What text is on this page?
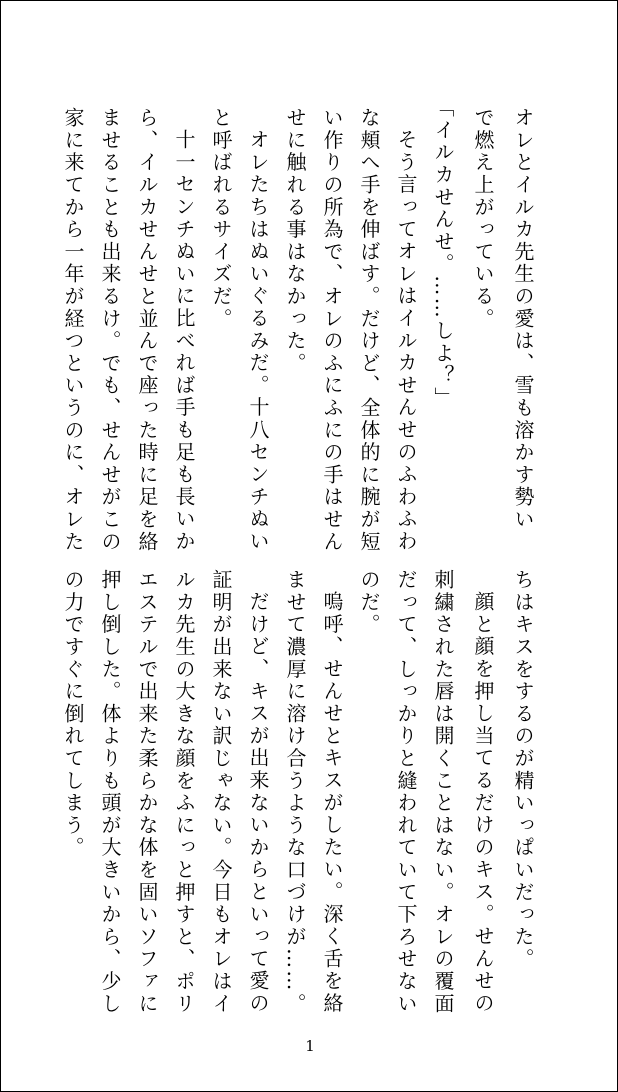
オレとイルカ先生の愛は、雪も溶かす勢い
で燃え上がっている。
「イルカせんせ。……しよ？」
そう言ってオレはイルカせんせのふわふわ
な頬へ手を伸ばす。だけど、全体的に腕が短
い作りの所為で、オレのふにふにの手はせん
せに触れる事はなかった。
オレたちはぬいぐるみだ。十八センチぬい
と呼ばれるサイズだ。
十一センチぬいに比べれば手も足も長いか
ら、イルカせんせと並んで座った時に足を絡
ませることも出来るけ。でも、せんせがこの
家に来てから一年が経つというのに、オレた
ちはキスをするのが精いっぱいだった。
顔と顔を押し当てるだけのキス。せんせの
刺繍された唇は開くことはない。オレの覆面
だって、しっかりと縫われていて下ろせない
のだ。
嗚呼、せんせとキスがしたい。深く舌を絡
ませて濃厚に溶け合うような口づけが……。
だけど、キスが出来ないからといって愛の
証明が出来ない訳じゃない。今日もオレはイ
ルカ先生の大きな顔をふにっと押すと、ポリ
エステルで出来た柔らかな体を固いソファに
押し倒した。体よりも頭が大きいから、少し
の力ですぐに倒れてしまう。
1
